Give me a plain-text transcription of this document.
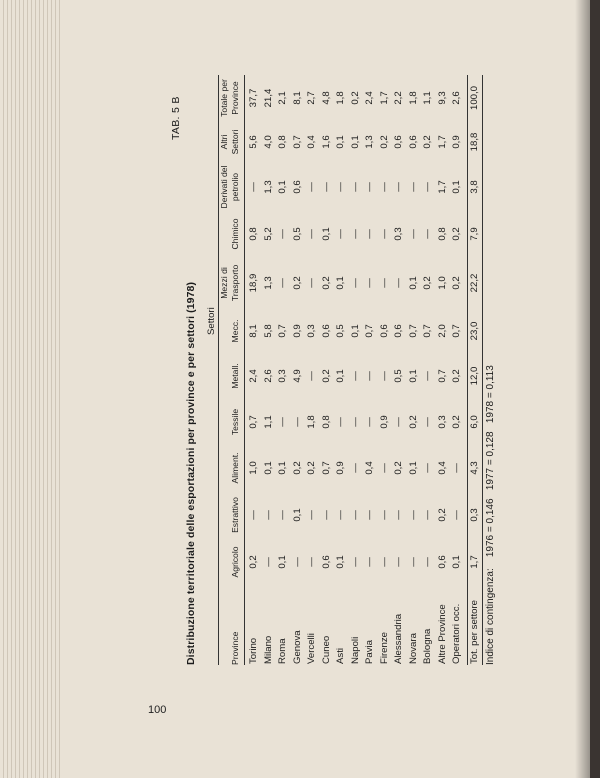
100
TAB. 5 B
Distribuzione territoriale delle esportazioni per province e per settori (1978) Settori
Province	Agricolo	Estrattivo	Aliment.	Tessile	Metall.	Mecc.	Mezzi di Trasporto	Chimico	Derivati del petrolio	Altri Settori	Totale per Province
Torino	0,2	—	1,0	0,7	2,4	8,1	18,9	0,8	—	5,6	37,7
Milano	—	—	0,1	1,1	2,6	5,8	1,3	5,2	1,3	4,0	21,4
Roma	0,1	—	0,1	—	0,3	0,7	—	—	0,1	0,8	2,1
Genova	—	0,1	0,2	—	4,9	0,9	0,2	0,5	0,6	0,7	8,1
Vercelli	—	—	0,2	1,8	—	0,3	—	—	—	0,4	2,7
Cuneo	0,6	—	0,7	0,8	0,2	0,6	0,2	0,1	—	1,6	4,8
Asti	0,1	—	0,9	—	0,1	0,5	0,1	—	—	0,1	1,8
Napoli	—	—	—	—	—	0,1	—	—	—	0,1	0,2
Pavia	—	—	0,4	—	—	0,7	—	—	—	1,3	2,4
Firenze	—	—	—	0,9	—	0,6	—	—	—	0,2	1,7
Alessandria	—	—	0,2	—	0,5	0,6	—	0,3	—	0,6	2,2
Novara	—	—	0,1	0,2	0,1	0,7	0,1	—	—	0,6	1,8
Bologna	—	—	—	—	—	0,7	0,2	—	—	0,2	1,1
Altre Province	0,6	0,2	0,4	0,3	0,7	2,0	1,0	0,8	1,7	1,7	9,3
Operatori occ.	0,1	—	—	0,2	0,2	0,7	0,2	0,2	0,1	0,9	2,6
Tot. per settore	1,7	0,3	4,3	6,0	12,0	23,0	22,2	7,9	3,8	18,8	100,0
Indice di contingenza:    1976 = 0,146   1977 = 0,128   1978 = 0,113
